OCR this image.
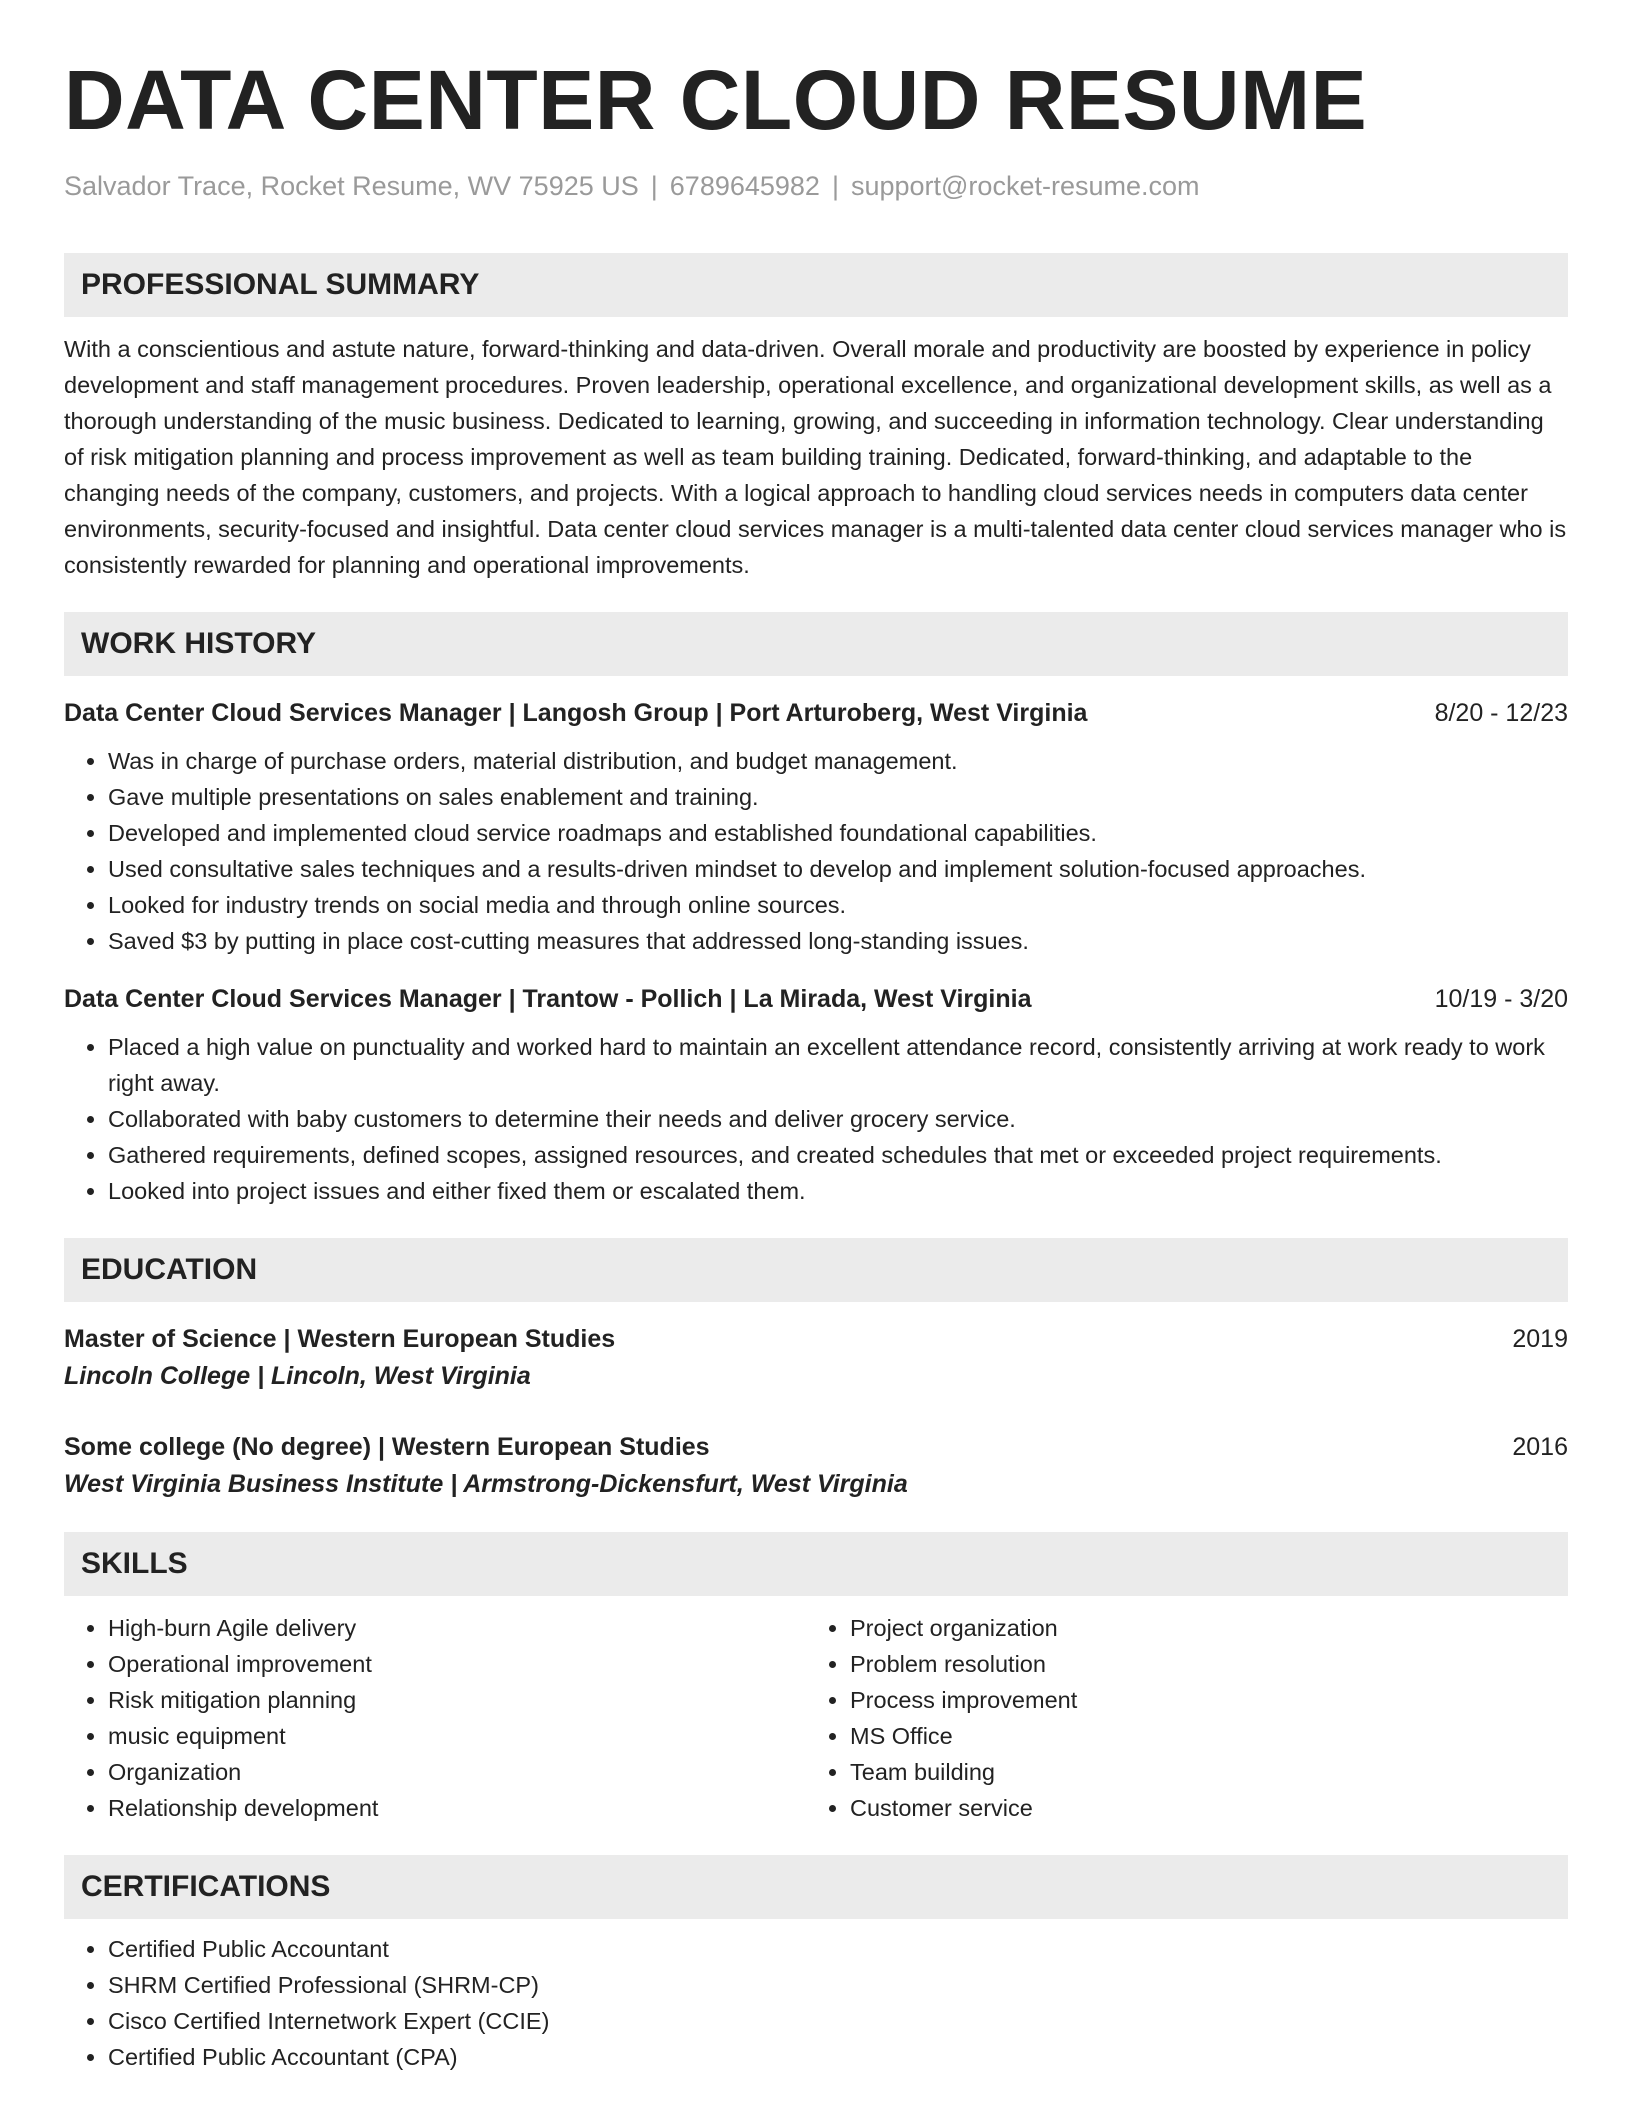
DATA CENTER CLOUD RESUME
Salvador Trace, Rocket Resume, WV 75925 US | 6789645982 | support@rocket-resume.com
PROFESSIONAL SUMMARY
With a conscientious and astute nature, forward-thinking and data-driven. Overall morale and productivity are boosted by experience in policy development and staff management procedures. Proven leadership, operational excellence, and organizational development skills, as well as a thorough understanding of the music business. Dedicated to learning, growing, and succeeding in information technology. Clear understanding of risk mitigation planning and process improvement as well as team building training. Dedicated, forward-thinking, and adaptable to the changing needs of the company, customers, and projects. With a logical approach to handling cloud services needs in computers data center environments, security-focused and insightful. Data center cloud services manager is a multi-talented data center cloud services manager who is consistently rewarded for planning and operational improvements.
WORK HISTORY
Data Center Cloud Services Manager | Langosh Group | Port Arturoberg, West Virginia	8/20 - 12/23
• Was in charge of purchase orders, material distribution, and budget management.
• Gave multiple presentations on sales enablement and training.
• Developed and implemented cloud service roadmaps and established foundational capabilities.
• Used consultative sales techniques and a results-driven mindset to develop and implement solution-focused approaches.
• Looked for industry trends on social media and through online sources.
• Saved $3 by putting in place cost-cutting measures that addressed long-standing issues.
Data Center Cloud Services Manager | Trantow - Pollich | La Mirada, West Virginia	10/19 - 3/20
• Placed a high value on punctuality and worked hard to maintain an excellent attendance record, consistently arriving at work ready to work right away.
• Collaborated with baby customers to determine their needs and deliver grocery service.
• Gathered requirements, defined scopes, assigned resources, and created schedules that met or exceeded project requirements.
• Looked into project issues and either fixed them or escalated them.
EDUCATION
Master of Science | Western European Studies	2019
Lincoln College | Lincoln, West Virginia
Some college (No degree) | Western European Studies	2016
West Virginia Business Institute | Armstrong-Dickensfurt, West Virginia
SKILLS
• High-burn Agile delivery
• Operational improvement
• Risk mitigation planning
• music equipment
• Organization
• Relationship development
• Project organization
• Problem resolution
• Process improvement
• MS Office
• Team building
• Customer service
CERTIFICATIONS
• Certified Public Accountant
• SHRM Certified Professional (SHRM-CP)
• Cisco Certified Internetwork Expert (CCIE)
• Certified Public Accountant (CPA)
